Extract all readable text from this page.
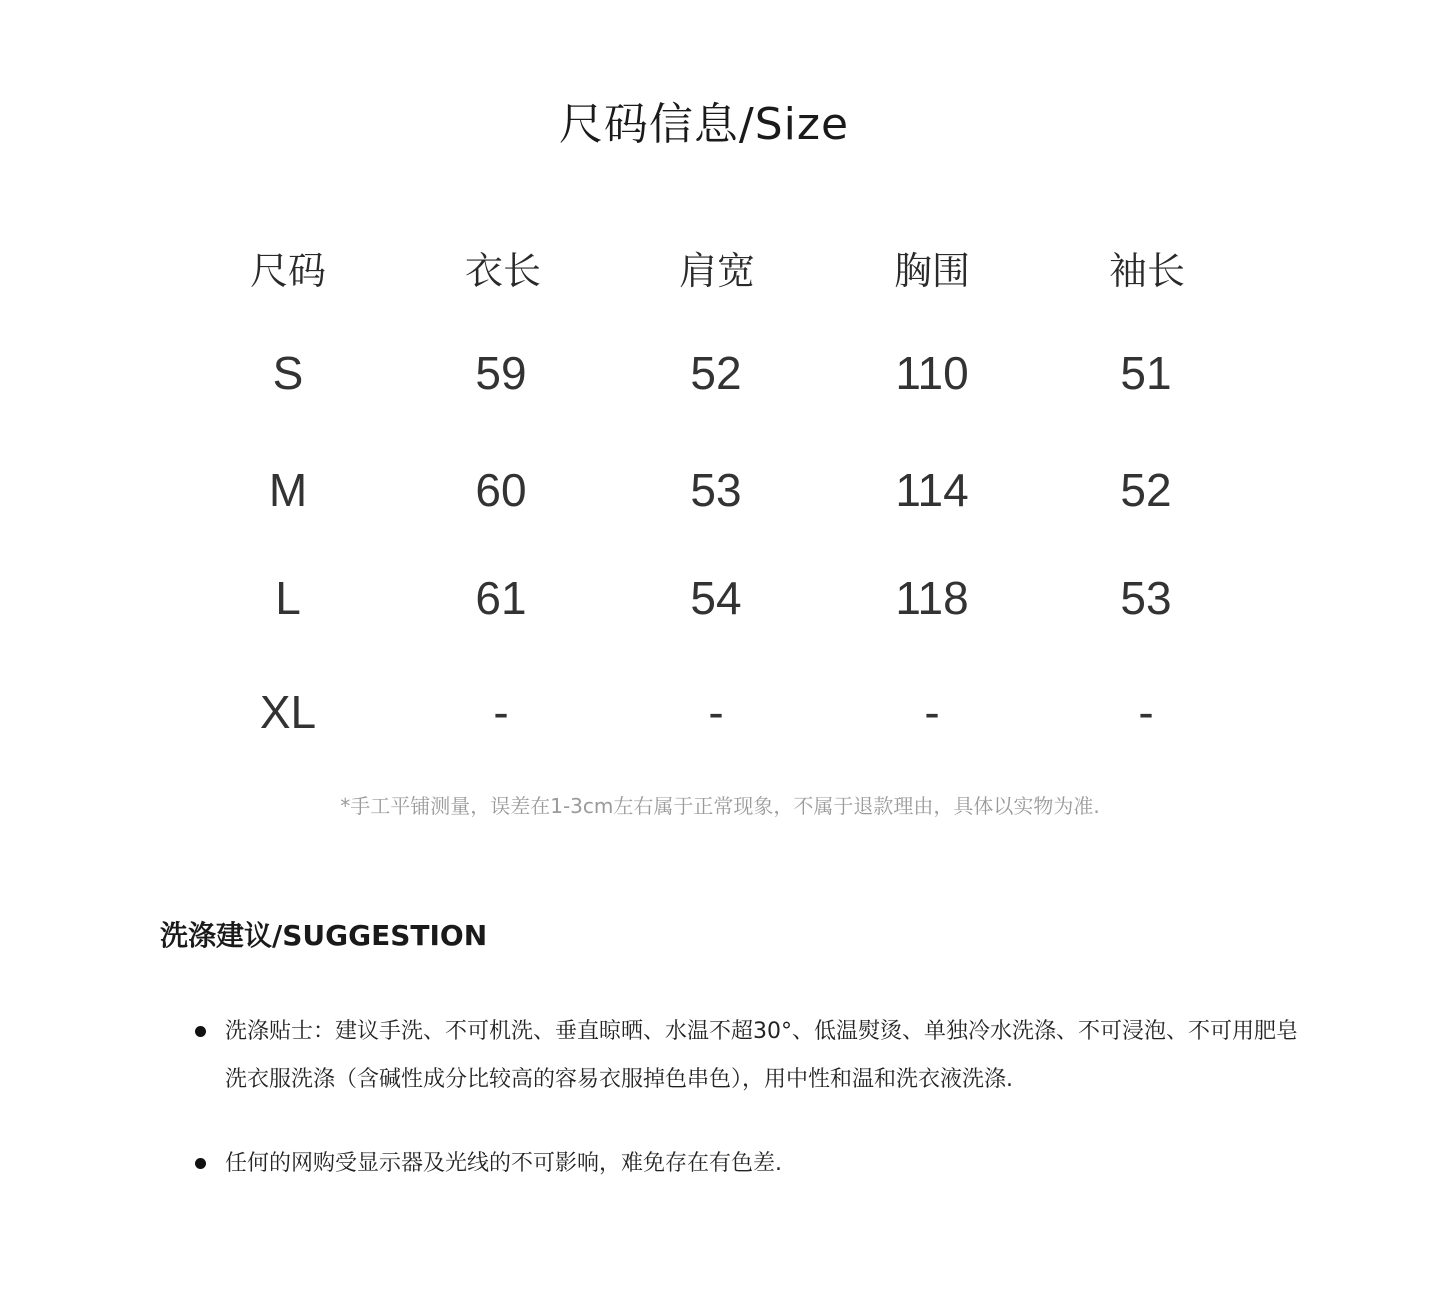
尺码信息/Size
尺码	衣长	肩宽	胸围	袖长
S	59	52	110	51
M	60	53	114	52
L	61	54	118	53
XL	-	-	-	-
*手工平铺测量，误差在1-3cm左右属于正常现象，不属于退款理由，具体以实物为准.
洗涤建议/SUGGESTION
洗涤贴士：建议手洗、不可机洗、垂直晾晒、水温不超30°、低温熨烫、单独冷水洗涤、不可浸泡、不可用肥皂洗衣服洗涤（含碱性成分比较高的容易衣服掉色串色），用中性和温和洗衣液洗涤.
任何的网购受显示器及光线的不可影响，难免存在有色差.
